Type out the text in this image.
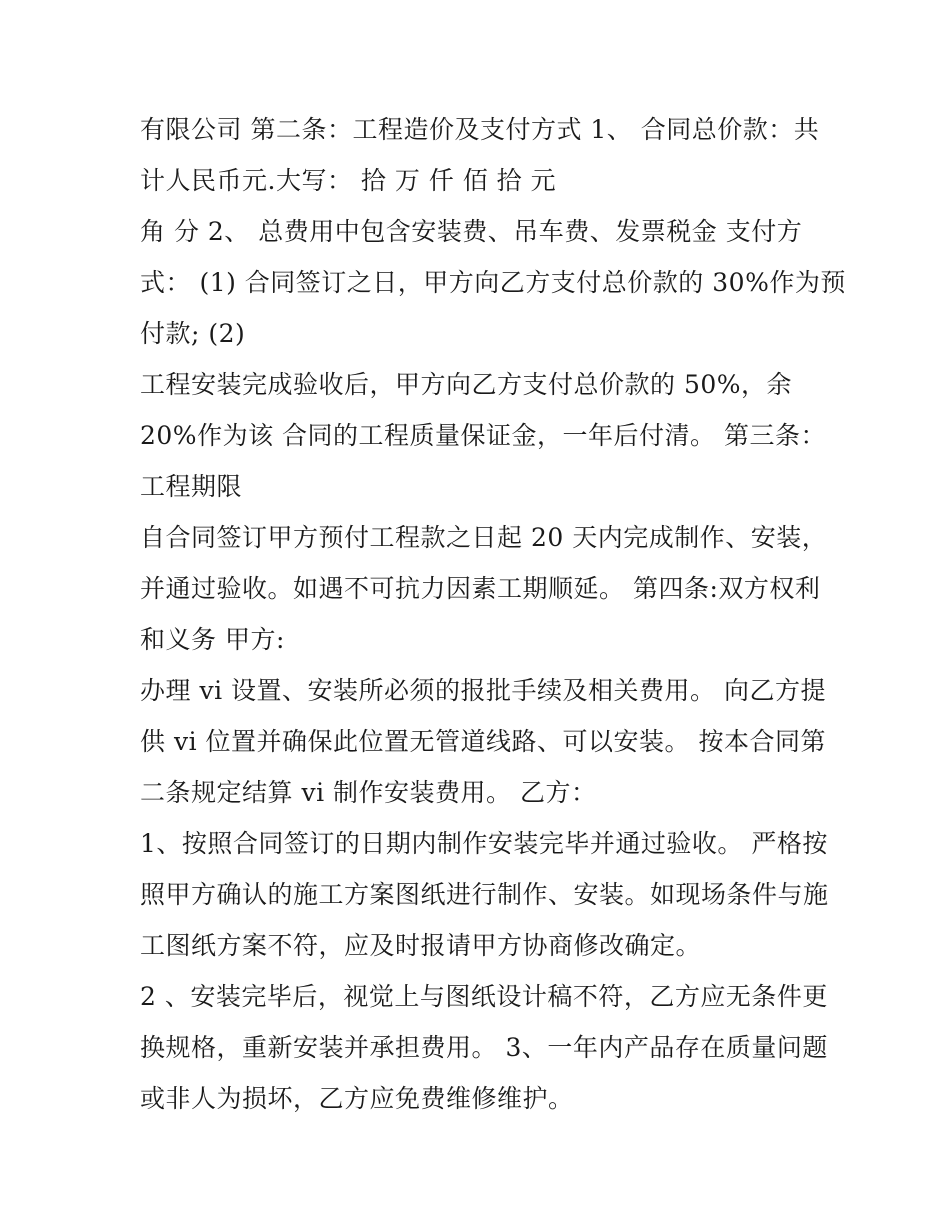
有限公司 第二条：工程造价及支付方式 1、 合同总价款：共
计人民币元.大写： 拾 万 仟 佰 拾 元
角 分 2、 总费用中包含安装费、吊车费、发票税金 支付方
式： (1) 合同签订之日，甲方向乙方支付总价款的 30%作为预
付款; (2)
工程安装完成验收后，甲方向乙方支付总价款的 50%，余
20%作为该 合同的工程质量保证金，一年后付清。 第三条：
工程期限
自合同签订甲方预付工程款之日起 20 天内完成制作、安装，
并通过验收。如遇不可抗力因素工期顺延。 第四条:双方权利
和义务 甲方:
办理 vi 设置、安装所必须的报批手续及相关费用。 向乙方提
供 vi 位置并确保此位置无管道线路、可以安装。 按本合同第
二条规定结算 vi 制作安装费用。 乙方：
1、按照合同签订的日期内制作安装完毕并通过验收。 严格按
照甲方确认的施工方案图纸进行制作、安装。如现场条件与施
工图纸方案不符，应及时报请甲方协商修改确定。
2 、安装完毕后，视觉上与图纸设计稿不符，乙方应无条件更
换规格，重新安装并承担费用。 3、一年内产品存在质量问题
或非人为损坏，乙方应免费维修维护。
